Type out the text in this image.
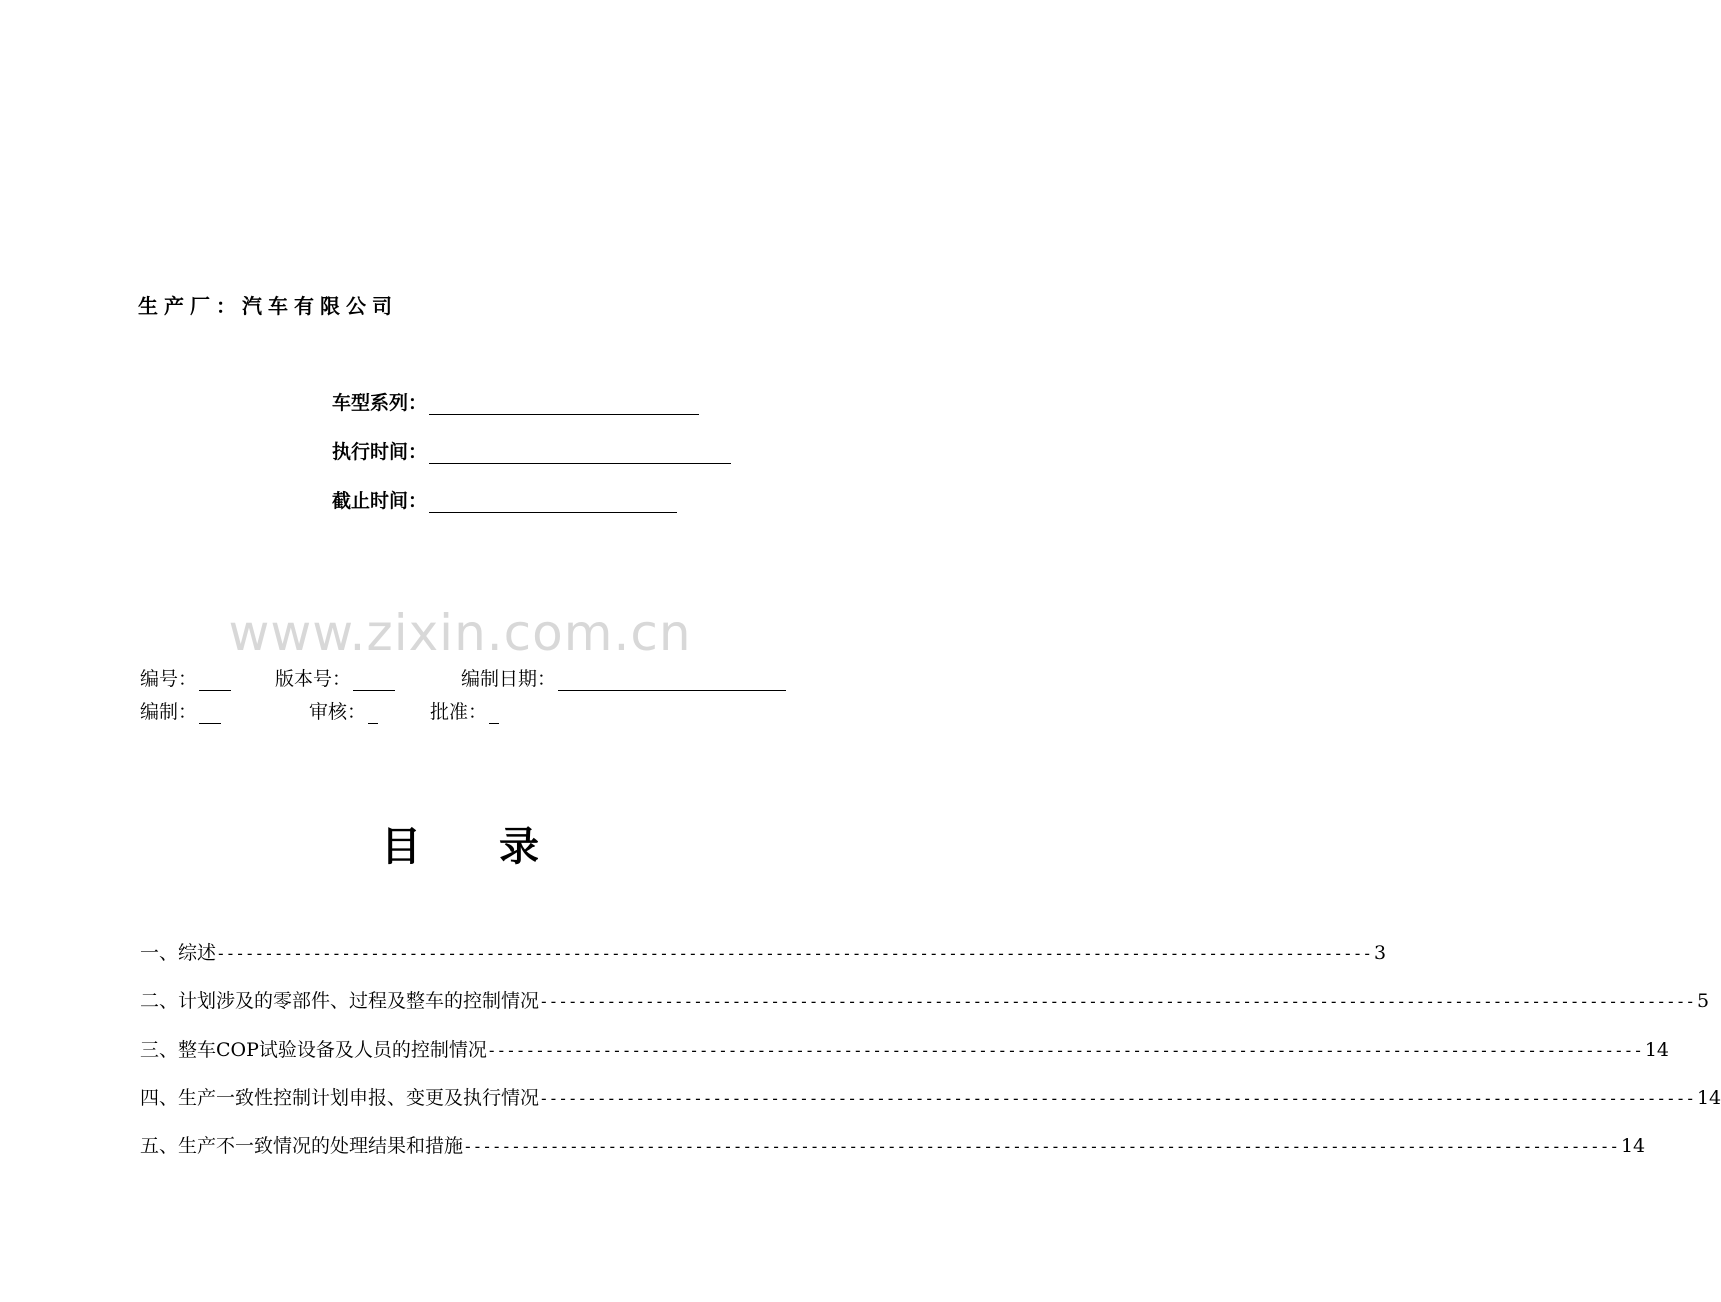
生产厂：汽车有限公司
车型系列：
执行时间：
截止时间：
www.zixin.com.cn
编号：	版本号：	编制日期：
编制：	审核：	批准：
目 录
一、综述 ------------------------------------------------------------------------------------------------------------------------ 3
二、计划涉及的零部件、过程及整车的控制情况 ------------------------------------------------------------------------------------------------------------------------ 5
三、整车COP试验设备及人员的控制情况 ------------------------------------------------------------------------------------------------------------------------ 14
四、生产一致性控制计划申报、变更及执行情况 ------------------------------------------------------------------------------------------------------------------------ 14
五、生产不一致情况的处理结果和措施 ------------------------------------------------------------------------------------------------------------------------ 14
